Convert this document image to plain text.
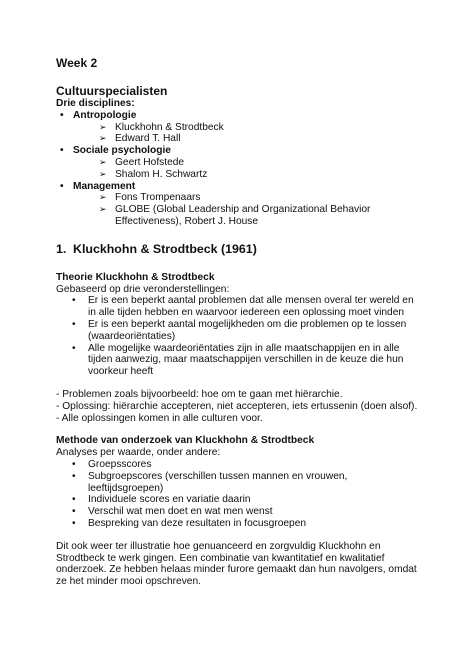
Week 2
Cultuurspecialisten
Drie disciplines:
• Antropologie
➢ Kluckhohn & Strodtbeck
➢ Edward T. Hall
• Sociale psychologie
➢ Geert Hofstede
➢ Shalom H. Schwartz
• Management
➢ Fons Trompenaars
➢ GLOBE (Global Leadership and Organizational Behavior Effectiveness), Robert J. House
1. Kluckhohn & Strodtbeck (1961)
Theorie Kluckhohn & Strodtbeck
Gebaseerd op drie veronderstellingen:
• Er is een beperkt aantal problemen dat alle mensen overal ter wereld en in alle tijden hebben en waarvoor iedereen een oplossing moet vinden
• Er is een beperkt aantal mogelijkheden om die problemen op te lossen (waardeoriëntaties)
• Alle mogelijke waardeoriëntaties zijn in alle maatschappijen en in alle tijden aanwezig, maar maatschappijen verschillen in de keuze die hun voorkeur heeft
- Problemen zoals bijvoorbeeld: hoe om te gaan met hiërarchie.
- Oplossing: hiërarchie accepteren, niet accepteren, iets ertussenin (doen alsof).
- Alle oplossingen komen in alle culturen voor.
Methode van onderzoek van Kluckhohn & Strodtbeck
Analyses per waarde, onder andere:
• Groepsscores
• Subgroepscores (verschillen tussen mannen en vrouwen, leeftijdsgroepen)
• Individuele scores en variatie daarin
• Verschil wat men doet en wat men wenst
• Bespreking van deze resultaten in focusgroepen
Dit ook weer ter illustratie hoe genuanceerd en zorgvuldig Kluckhohn en Strodtbeck te werk gingen. Een combinatie van kwantitatief en kwalitatief onderzoek. Ze hebben helaas minder furore gemaakt dan hun navolgers, omdat ze het minder mooi opschreven.
